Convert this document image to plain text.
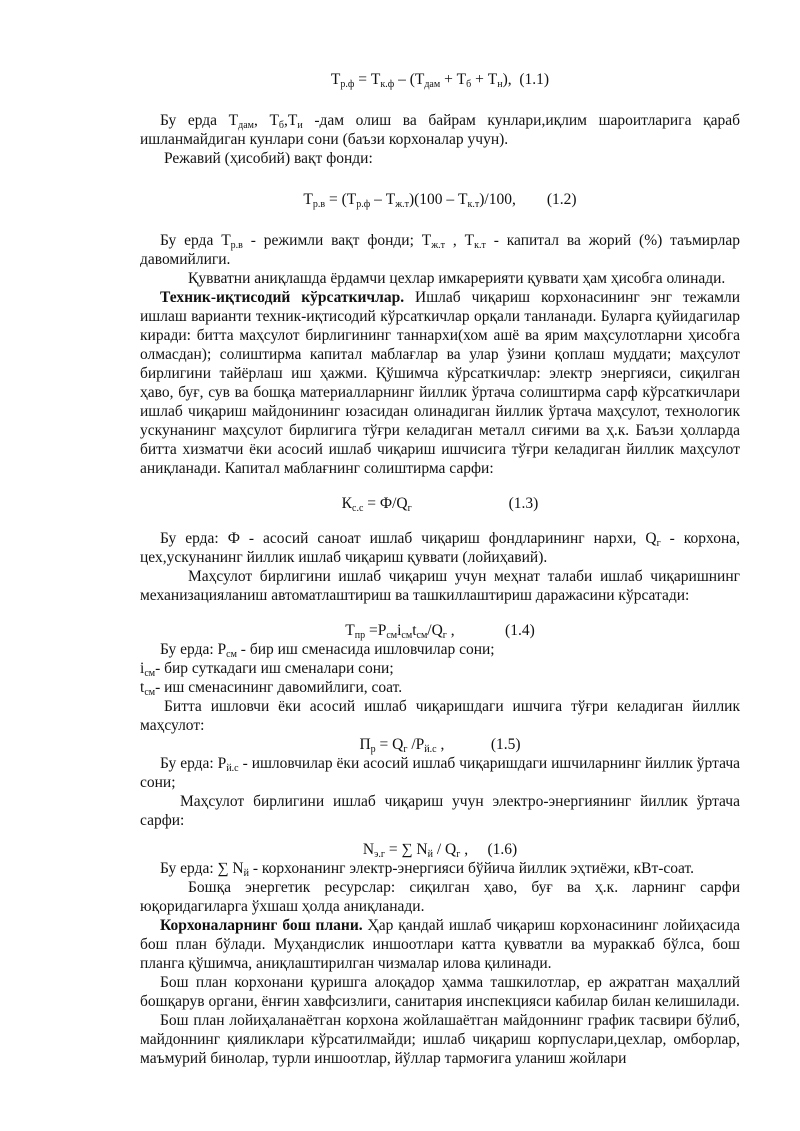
$Т_{р.ф} = Т_{к.ф} - (Т_{дам} + Т_б + Т_н)$, (1.1)

Бу ерда $Т_{дам}$, $Т_б,Т_и$ -дам олиш ва байрам кунлари,иқлим шароитларига қараб ишланмайдиган кунлари сони (баъзи корхоналар учун).

Режавий (ҳисобий) вақт фонди:

$Т_{р.в} = (Т_{р.ф} - Т_{ж.т})(100 - Т_{к.т})/100$, (1.2)

Бу ерда $Т_{р.в}$ - режимли вақт фонди; $Т_{ж.т}$ , $Т_{к.т}$ - капитал ва жорий (%) таъмирлар давомийлиги.

Қувватни аниқлашда ёрдамчи цехлар имкарерияти қуввати ҳам ҳисобга олинади.

Техник-иқтисодий кўрсаткичлар. Ишлаб чиқариш корхонасининг энг тежамли ишлаш варианти техник-иқтисодий кўрсаткичлар орқали танланади. Буларга қуйидагилар киради: битта маҳсулот бирлигининг таннархи(хом ашё ва ярим маҳсулотларни ҳисобга олмасдан); солиштирма капитал маблағлар ва улар ўзини қоплаш муддати; маҳсулот бирлигини тайёрлаш иш ҳажми. Қўшимча кўрсаткичлар: электр энергияси, сиқилган ҳаво, буғ, сув ва бошқа материалларнинг йиллик ўртача солиштирма сарф кўрсаткичлари ишлаб чиқариш майдонининг юзасидан олинадиган йиллик ўртача маҳсулот, технологик ускунанинг маҳсулот бирлигига тўғри келадиган металл сиғими ва ҳ.к. Баъзи ҳолларда битта хизматчи ёки асосий ишлаб чиқариш ишчисига тўғри келадиган йиллик маҳсулот аниқланади. Капитал маблағнинг солиштирма сарфи:

$К_{с.с} = Ф/Q_г$	(1.3)

Бу ерда: Ф - асосий саноат ишлаб чиқариш фондларининг нархи, $Q_г$ - корхона, цех,ускунанинг йиллик ишлаб чиқариш қуввати (лойиҳавий).

Маҳсулот бирлигини ишлаб чиқариш учун меҳнат талаби ишлаб чиқаришнинг механизацияланиш автоматлаштириш ва ташкиллаштириш даражасини кўрсатади:

$Т_{пр} =Р_{см}i_{см}t_{см}/Q_г$ ,	(1.4)

Бу ерда: $Р_{см}$ - бир иш сменасида ишловчилар сони;

$i_{см}-$ бир суткадаги иш сменалари сони;

$t_{см}-$ иш сменасининг давомийлиги, соат.

Битта ишловчи ёки асосий ишлаб чиқаришдаги ишчига тўғри келадиган йиллик маҳсулот:

$П_р = Q_г$ $/Р_{й.с}$ ,	(1.5)

Бу ерда: $Р_{й.с}$ - ишловчилар ёки асосий ишлаб чиқаришдаги ишчиларнинг йиллик ўртача сони;

Маҳсулот бирлигини ишлаб чиқариш учун электро-энергиянинг йиллик ўртача сарфи:

$N_{э.г}$ = ∑ $N_й / Q_г$ , (1.6)

Бу ерда: ∑ $N_й$ - корхонанинг электр-энергияси бўйича йиллик эҳтиёжи, кВт-соат.

Бошқа энергетик ресурслар: сиқилган ҳаво, буғ ва ҳ.к. ларнинг сарфи юқоридагиларга ўхшаш ҳолда аниқланади.

Корхоналарнинг бош плани. Ҳар қандай ишлаб чиқариш корхонасининг лойиҳасида бош план бўлади. Муҳандислик иншоотлари катта қувватли ва мураккаб бўлса, бош планга қўшимча, аниқлаштирилган чизмалар илова қилинади.

Бош план корхонани қуришга алоқадор ҳамма ташкилотлар, ер ажратган маҳаллий бошқарув органи, ёнғин хавфсизлиги, санитария инспекцияси кабилар билан келишилади.

Бош план лойиҳаланаётган корхона жойлашаётган майдоннинг график тасвири бўлиб, майдоннинг қияликлари кўрсатилмайди; ишлаб чиқариш корпуслари,цехлар, омборлар, маъмурий бинолар, турли иншоотлар, йўллар тармоғига уланиш жойлари
